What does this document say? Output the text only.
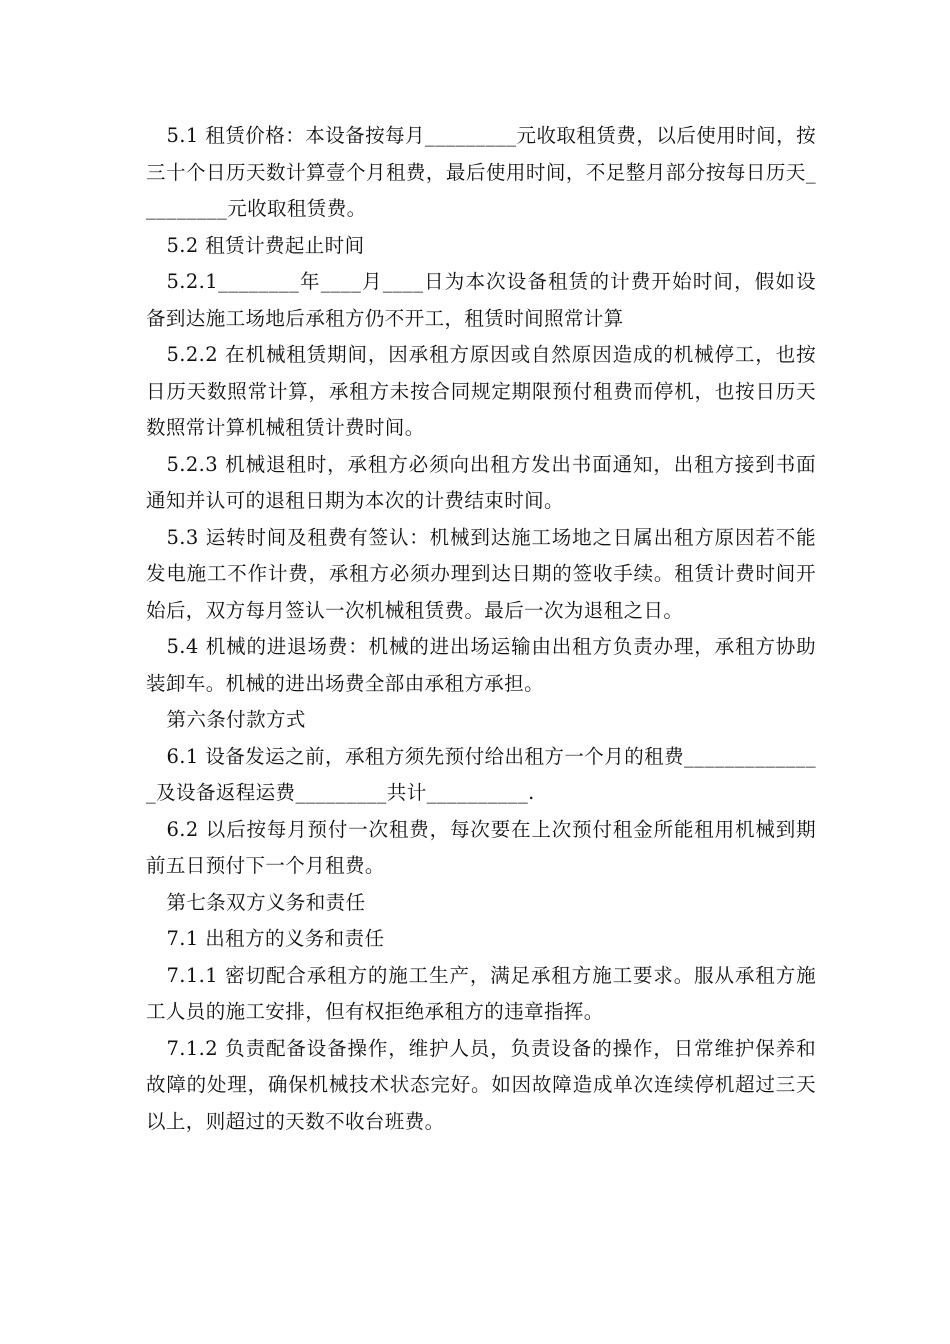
5.1 租赁价格：本设备按每月_________元收取租赁费，以后使用时间，按三十个日历天数计算壹个月租费，最后使用时间，不足整月部分按每日历天_________元收取租赁费。

5.2 租赁计费起止时间

5.2.1________年____月____日为本次设备租赁的计费开始时间，假如设备到达施工场地后承租方仍不开工，租赁时间照常计算

5.2.2 在机械租赁期间，因承租方原因或自然原因造成的机械停工，也按日历天数照常计算，承租方未按合同规定期限预付租费而停机，也按日历天数照常计算机械租赁计费时间。

5.2.3 机械退租时，承租方必须向出租方发出书面通知，出租方接到书面通知并认可的退租日期为本次的计费结束时间。

5.3 运转时间及租费有签认：机械到达施工场地之日属出租方原因若不能发电施工不作计费，承租方必须办理到达日期的签收手续。租赁计费时间开始后，双方每月签认一次机械租赁费。最后一次为退租之日。

5.4 机械的进退场费：机械的进出场运输由出租方负责办理，承租方协助装卸车。机械的进出场费全部由承租方承担。

第六条付款方式

6.1 设备发运之前，承租方须先预付给出租方一个月的租费______________及设备返程运费_________共计__________.

6.2 以后按每月预付一次租费，每次要在上次预付租金所能租用机械到期前五日预付下一个月租费。

第七条双方义务和责任

7.1 出租方的义务和责任

7.1.1 密切配合承租方的施工生产，满足承租方施工要求。服从承租方施工人员的施工安排，但有权拒绝承租方的违章指挥。

7.1.2 负责配备设备操作，维护人员，负责设备的操作，日常维护保养和故障的处理，确保机械技术状态完好。如因故障造成单次连续停机超过三天以上，则超过的天数不收台班费。
